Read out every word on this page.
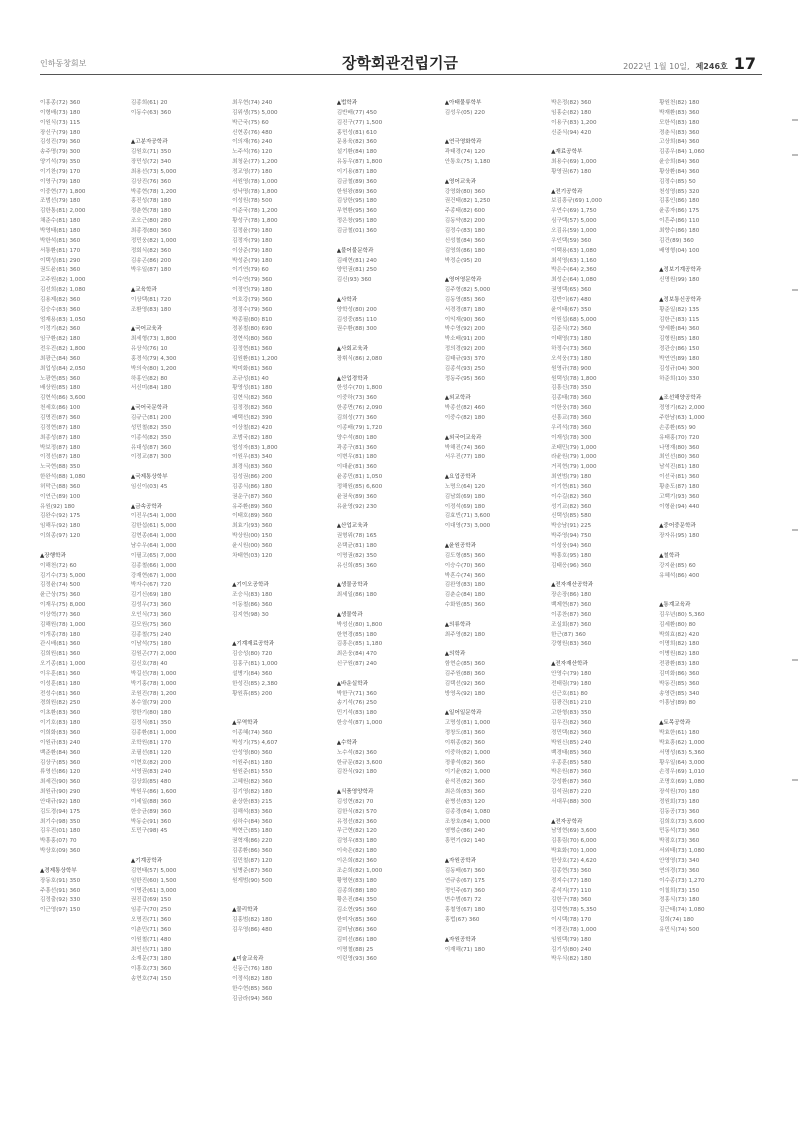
인하동창회보	장학회관건립기금	2022년 1월 10일, 제246호 17
이홍종(72) 360
이형배(73) 180
이원식(73) 115
장신구(79) 180
김성진(79) 360
송주명(79) 300
양기석(79) 350
이기찬(79) 170
이영구(79) 180
이중현(77) 1,800
조범선(79) 180
김한통(81) 2,000
채준수(81) 180
박영태(81) 180
박한석(81) 360
서통환(81) 170
이택성(81) 290
권도윤(81) 360
고주원(82) 1,000
김선희(82) 1,080
김용제(82) 360
김승수(83) 360
엄재용(83) 1,050
이정기(82) 360
임구환(82) 180
전우진(82) 1,800
최광근(84) 360
최업성(84) 2,050
노광현(85) 360
배상원(85) 180
김현석(86) 3,600
천세호(86) 100
김명진(87) 360
김정현(87) 180
최종성(87) 180
박보정(87) 180
이정선(87) 180
노국현(88) 350
한완석(88) 1,080
허막근(88) 360
이연근(89) 100
유원(92) 180
김완수(92) 175
임해두(92) 180
이희종(97) 120
▲장행학과
이해천(72) 60
김기수(73) 5,000
김정윤(74) 500
윤근상(75) 360
이재우(75) 8,000
이상혁(77) 360
김해원(78) 1,000
이개종(78) 180
관시배(81) 360
김희원(81) 360
오기종(81) 1,000
이우훈(81) 360
이성훈(81) 180
전성수(81) 360
경희원(82) 250
이초환(83) 360
이기호(83) 180
이희화(83) 360
이원규(83) 240
백준환(84) 360
김상구(85) 360
류영선(86) 120
최세건(90) 360
최원규(90) 290
안대규(92) 180
김도경(94) 175
최기수(98) 350
김우진(01) 180
박흥홍(07) 70
박상호(09) 360
▲경제통상학부
장동호(91) 350
주흥선(91) 360
김정출(92) 330
이근영(97) 150
김종희(61) 20
이동수(63) 360
▲고분자공학과
김원호(71) 350
장민성(72) 340
최용선(73) 5,000
김상진(76) 360
박종현(78) 1,200
홍진성(78) 180
정춘현(78) 180
조오근(80) 280
최종경(80) 360
정민웅(82) 1,000
정회식(82) 360
김송곤(86) 200
박우일(87) 180
▲교육학과
이상택(81) 720
조환영(83) 180
▲국어교육과
최세형(73) 1,800
유상석(76) 10
홍경석(79) 4,300
박의숙(80) 1,200
하홍인(82) 80
서신미(84) 180
▲국어국문학과
김규근(81) 200
성민철(82) 350
이종석(82) 350
유대성(87) 360
이정교(87) 300
▲국제통상학부
임신이(03) 45
▲금속공학과
이진우(54) 1,000
김한섭(61) 5,000
김현종(64) 1,000
남수우(64) 1,000
이필고(65) 7,000
김종철(66) 1,000
강재현(67) 1,000
박자수(67) 720
김기신(69) 180
김성우(73) 360
오인식(73) 360
김모원(75) 360
김종철(75) 240
이남석(75) 180
김원곤(77) 2,000
김신호(78) 40
박길선(78) 1,000
박기홍(78) 1,000
조원진(78) 1,200
봉수열(79) 200
정한기(80) 180
김정식(81) 350
김종환(81) 1,000
조학원(81) 170
조필선(81) 120
이현호(82) 200
서영권(83) 240
김상회(85) 480
박원우(86) 1,600
이세일(88) 360
한승균(89) 360
박동순(91) 360
도민구(98) 45
▲기계공학과
김현태(57) 5,000
임한진(60) 1,500
이명관(61) 3,000
권진갑(69) 150
임종구(70) 250
오명진(71) 360
이춘민(71) 360
이원철(71) 480
최인선(71) 180
소재문(73) 180
이흥호(73) 360
송현호(74) 150
최우현(74) 240
김위생(75) 5,000
박근국(75) 60
신현종(76) 480
이의재(76) 240
노주석(76) 120
최청운(77) 1,200
정교영(77) 180
서원영(78) 1,000
성낙명(78) 1,800
이성원(78) 500
이준국(78) 1,200
황성구(78) 1,800
김정윤(79) 180
김정자(79) 180
이상준(79) 180
박성준(79) 180
이기연(79) 60
이수연(79) 360
이정언(79) 180
이호강(79) 360
정정수(79) 360
박종필(80) 810
정봉철(80) 690
정현석(80) 360
김정현(81) 360
김원환(81) 1,200
박미화(81) 360
조규성(81) 40
황영성(81) 180
김현식(82) 360
김정경(82) 360
배택선(82) 390
이상철(82) 420
조범국(82) 180
엄성자(83) 1,800
이원우(83) 340
최경식(83) 360
김성권(86) 200
김종식(86) 180
권운구(87) 360
유주환(89) 360
이태호(89) 360
최효기(93) 360
박상원(00) 150
윤시원(00) 360
차태현(03) 120
▲기이오공학과
조승식(83) 180
이동철(86) 360
김지현(98) 30
▲기계재료공학과
김승성(80) 720
김홍구(81) 1,000
설병기(84) 360
한성진(85) 2,380
황원휴(85) 200
▲무역학과
이종혜(74) 360
박성기(75) 4,607
안성영(80) 360
이원주(81) 180
원원준(81) 550
고혜원(82) 360
김기영(82) 180
윤상한(83) 215
김해석(83) 360
심하수(84) 360
박현근(85) 180
권혁재(86) 220
김종환(86) 360
김민철(87) 120
임병준(87) 360
원게범(90) 500
▲물리학과
김홍범(82) 180
김우영(86) 480
▲미술교육과
신동근(76) 180
이정석(82) 180
한수현(85) 360
김금라(94) 360
▲법학과
김반배(77) 450
김진구(77) 1,500
홍민성(81) 610
문용육(82) 360
설기환(84) 180
유동우(87) 1,800
이기용(87) 180
김금철(89) 360
한원왕(89) 360
김상한(95) 180
무현환(95) 360
정은창(95) 180
김금철(01) 360
▲불어불문학과
김래현(81) 240
양민권(81) 250
김신(93) 360
▲사학과
양학성(80) 200
김성중(85) 110
권수환(88) 300
▲사회교육과
장휘식(86) 2,080
▲산업경학과
한성수(70) 1,800
이중하(73) 360
한종면(76) 2,090
김희성(77) 360
이종배(79) 1,720
양수석(80) 180
곽종구(81) 360
이변우(81) 180
이대윤(81) 360
윤종민(81) 1,050
정해원(85) 6,600
윤권욱(89) 360
유윤영(92) 230
▲산업교육과
권형위(78) 165
은택균(81) 180
이명권(82) 350
유신희(85) 360
▲생물공학과
최세일(86) 180
▲생물학과
박성신(80) 1,800
한현경(85) 180
김흥은(85) 1,180
최은웅(84) 470
신구원(87) 240
▲바운실학과
박한구(71) 360
송기석(76) 250
민기석(83) 180
한승석(87) 1,000
▲수학과
노수석(82) 360
한규문(82) 3,600
김찬식(92) 180
▲식품영양학과
김성현(82) 70
김한식(82) 570
유정선(82) 360
무근현(82) 120
김영우(83) 180
이숙은(82) 180
이은희(82) 360
조순희(82) 1,000
황명헌(83) 180
김종희(88) 180
황은진(84) 350
김소현(95) 360
한미자(85) 360
김미남(86) 360
김미선(86) 180
이명철(88) 25
이린영(93) 360
▲아태물류학부
김성우(05) 220
▲연극영화학과
곽태경(74) 120
안통호(75) 1,180
▲영어교육과
강영화(80) 360
권건태(82) 1,250
주종태(82) 600
김동약(82) 200
김정수(83) 180
신성철(84) 360
김영희(86) 180
박정순(95) 20
▲영어영문학과
김주형(82) 5,000
김동영(85) 360
서경경(87) 180
이익재(90) 360
박수영(92) 200
박소배(91) 200
정의경(92) 200
김태규(93) 370
김종석(93) 250
정동주(95) 360
▲외교학과
박종선(82) 460
이중수(82) 180
▲외국어교육과
박해진(74) 360
서우진(77) 180
▲요업공학과
노명으(64) 120
김남회(69) 180
이정석(69) 180
김효빈(71) 3,600
이대영(73) 3,000
▲윤원공학과
김도형(85) 360
이승수(70) 360
박혼수(74) 360
김완영(83) 180
김춘순(84) 180
수화원(85) 360
▲의류학과
최주영(82) 180
▲의학과
함현순(85) 360
김주원(88) 360
김택선(92) 360
방영옥(92) 180
▲일어일문학과
고명성(81) 1,000
정창도(81) 360
이휘종(82) 360
이중하(82) 1,000
정좋석(82) 360
이기윤(82) 1,000
윤석진(82) 360
최은희(83) 360
윤병선(83) 120
김종경(84) 1,080
조창호(84) 1,000
염병순(86) 240
흥면기(92) 140
▲자원공학과
김동배(67) 360
연규송(67) 175
정인주(67) 360
변수범(67) 72
홍철영(67) 180
홍법(67) 360
▲자원공학과
이재해(71) 180
박은정(82) 360
임홍순(82) 180
이용구(83) 1,200
신준식(94) 420
▲재료공학부
최용수(69) 1,000
황영권(67) 180
▲전기공학과
보김흥규(69) 1,000
우연수(69) 1,750
심구택(57) 5,000
오김유(59) 1,000
우인택(59) 360
이택용(63) 1,080
최석영(63) 1,160
박은수(64) 2,360
최성순(64) 1,080
권영택(65) 360
김반이(67) 480
윤이태(67) 350
이원섭(68) 5,000
김준식(72) 360
이태영(73) 180
하정수(73) 360
오석웅(73) 180
원영규(78) 900
원택성(78) 1,800
김흥신(78) 350
김종태(78) 360
이한웅(78) 360
신흥교(78) 360
우리석(78) 360
이재성(78) 300
조태민(79) 1,000
라윤원(79) 1,000
거직현(79) 1,000
최연범(79) 180
이기현(81) 360
이수길(82) 360
성기교(82) 360
신택성(85) 580
박승남(91) 225
박주영(94) 750
이성웅(94) 360
박흥호(95) 180
김태응(96) 360
▲전자재산공학과
장손장(86) 180
백제현(87) 360
이종찬(87) 360
조실회(87) 360
한근(87) 360
강형원(83) 360
▲전자재산학과
안영수(79) 180
전태림(79) 180
신근호(81) 80
김광건(81) 210
고한형(83) 350
김우진(82) 360
정민택(82) 360
박원신(85) 240
백경태(85) 360
우종훈(85) 580
박은원(87) 360
강성환(87) 360
김석권(87) 220
서대무(88) 300
▲전자공학과
남영현(69) 3,600
김흥림(70) 6,000
박효화(70) 1,000
한상호(72) 4,620
김종현(73) 360
정지수(77) 180
종석지(77) 110
김한구(78) 360
김덕현(78) 5,350
이시택(78) 170
이경진(78) 1,000
임원택(79) 180
김기성(80) 240
박우식(82) 180
황원천(82) 180
박재환(83) 360
모한석(83) 180
정춘식(83) 360
고상희(84) 360
김종우(84) 1,060
윤승희(84) 360
황상환(84) 360
김정수(85) 50
천성영(85) 320
김홍인(86) 180
윤종자(86) 175
이흔주(86) 110
최향수(86) 180
김건(89) 360
배영형(04) 100
▲정보기계공학과
신명원(99) 180
▲정보통신공학과
황준일(82) 135
김한근(83) 115
양세환(84) 360
김형원(85) 180
정관승(86) 150
박연연(89) 180
김성규(04) 300
하준희(10) 330
▲조선해양공학과
정영기(62) 2,000
주한남(63) 1,000
손종환(65) 90
유태홍(70) 720
나명재(80) 360
최인선(80) 360
남석진(81) 180
이선국(81) 360
황춘도(87) 180
고백기(93) 360
이형윤(94) 440
▲중어중문학과
장자유(95) 180
▲철학과
강지윤(85) 60
유혜석(86) 400
▲통계교육과
김우년(80) 5,360
김세환(80) 80
박희효(82) 420
이명희(82) 180
이병원(82) 180
전광환(83) 180
김미화(86) 360
박동진(85) 360
송영란(85) 340
이흥남(89) 80
▲토목공학과
박효한(61) 180
박효흥(62) 1,000
서명성(63) 5,360
황우일(64) 3,000
손정우(69) 1,010
조명호(69) 1,080
장석원(70) 180
정원회(73) 180
김동공(73) 360
김희호(73) 3,600
민동석(73) 360
박점호(73) 360
서외태(73) 1,080
안영영(73) 340
연의경(73) 360
이수종(73) 1,270
이칠희(73) 150
정홍식(73) 180
김근태(74) 1,080
김희(74) 180
유민식(74) 500
